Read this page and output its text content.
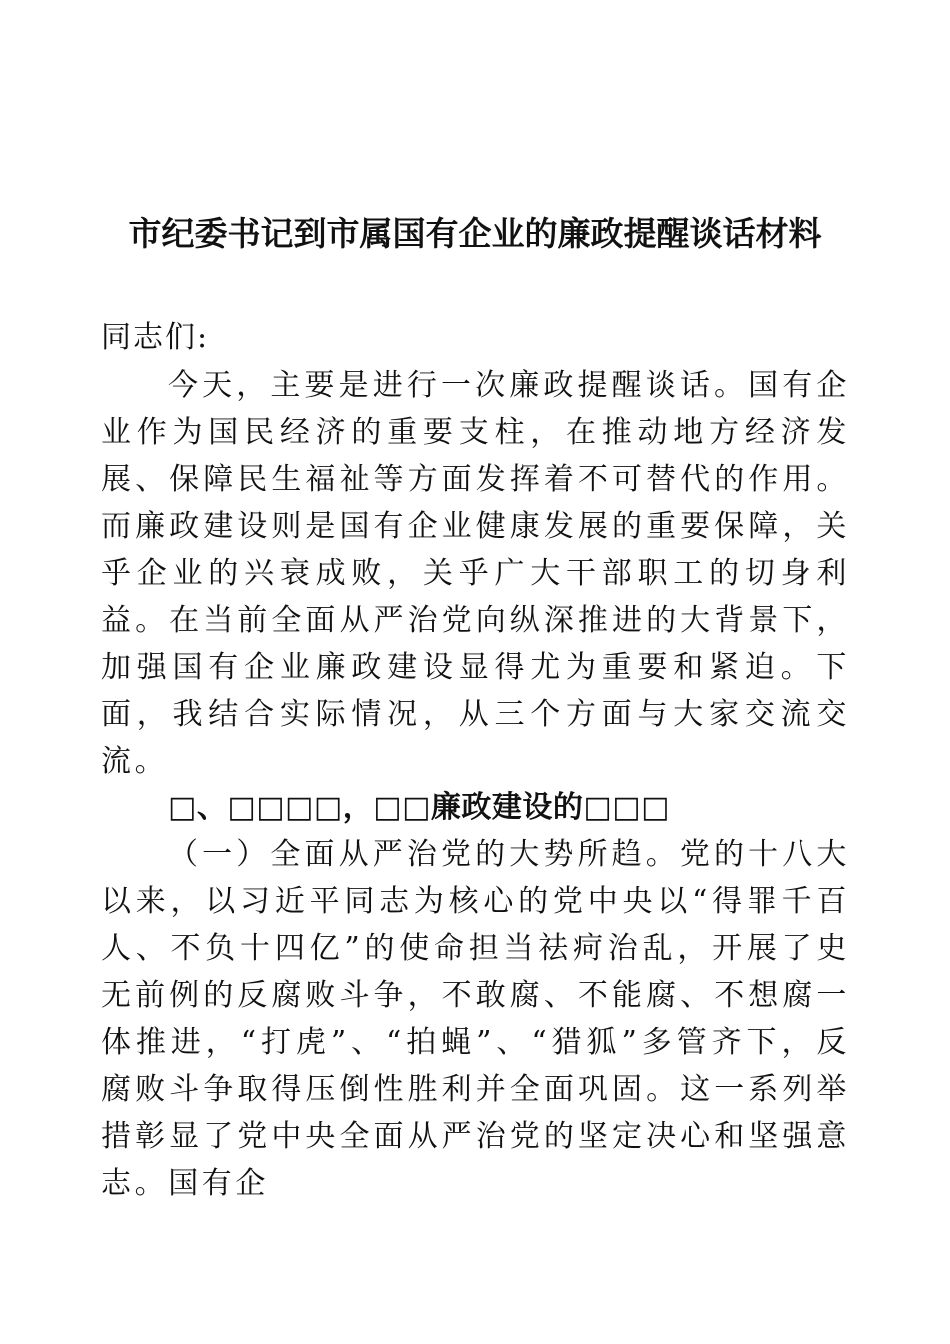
市纪委书记到市属国有企业的廉政提醒谈话材料
同志们:
今天，主要是进行一次廉政提醒谈话。国有企业作为国民经济的重要支柱，在推动地方经济发展、保障民生福祉等方面发挥着不可替代的作用。而廉政建设则是国有企业健康发展的重要保障，关乎企业的兴衰成败，关乎广大干部职工的切身利益。在当前全面从严治党向纵深推进的大背景下，加强国有企业廉政建设显得尤为重要和紧迫。下面，我结合实际情况，从三个方面与大家交流交流。
□、□□□□，□□廉政建设的□□□
（一）全面从严治党的大势所趋。党的十八大以来，以习近平同志为核心的党中央以“得罪千百人、不负十四亿”的使命担当祛疴治乱，开展了史无前例的反腐败斗争，不敢腐、不能腐、不想腐一体推进，“打虎”、“拍蝇”、“猎狐”多管齐下，反腐败斗争取得压倒性胜利并全面巩固。这一系列举措彰显了党中央全面从严治党的坚定决心和坚强意志。国有企
